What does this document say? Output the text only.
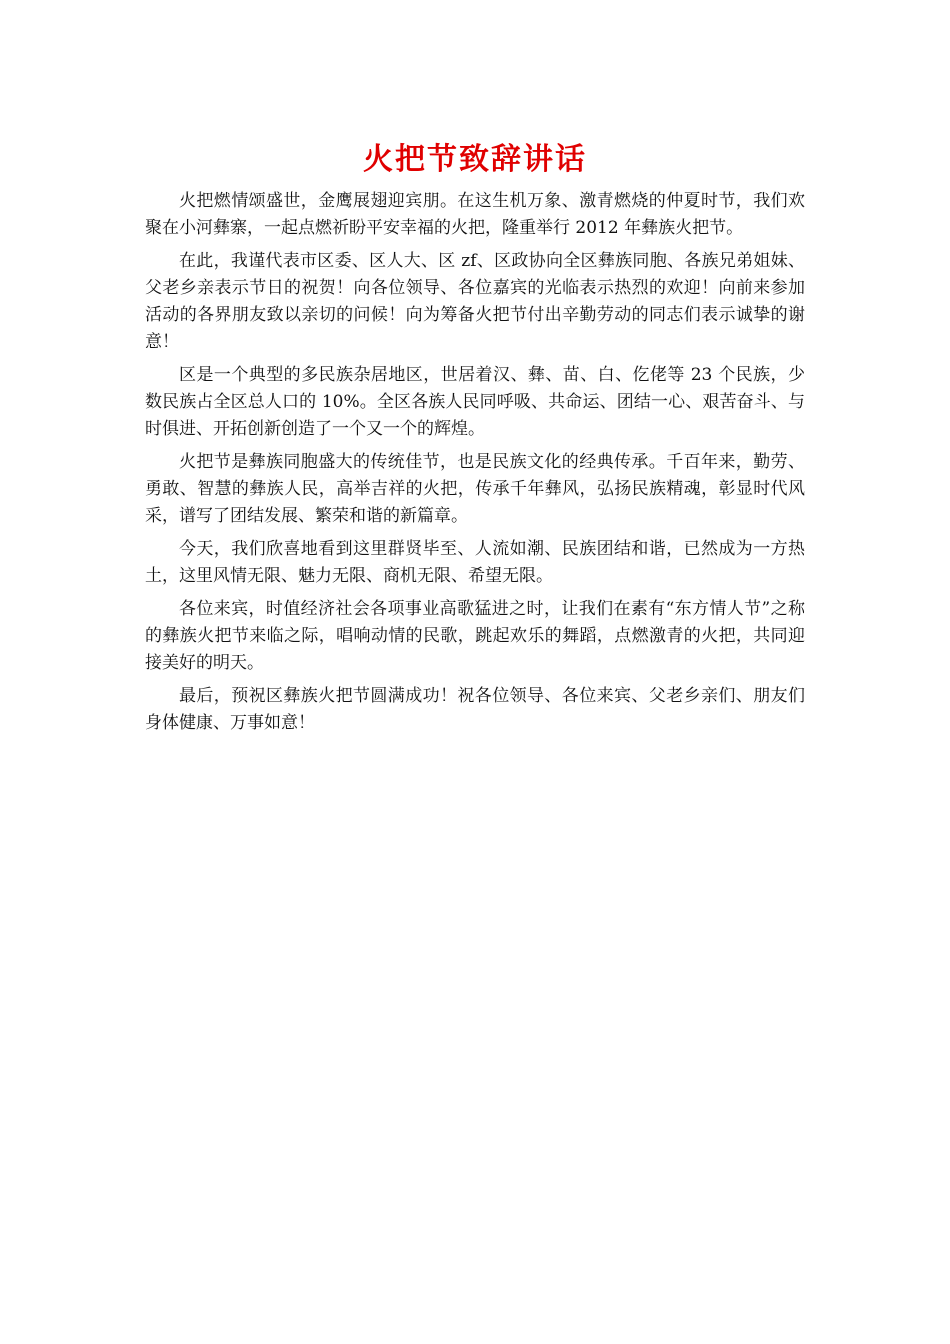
火把节致辞讲话

火把燃情颂盛世，金鹰展翅迎宾朋。在这生机万象、激青燃烧的仲夏时节，我们欢聚在小河彝寨，一起点燃祈盼平安幸福的火把，隆重举行 2012 年彝族火把节。

在此，我谨代表市区委、区人大、区 zf、区政协向全区彝族同胞、各族兄弟姐妹、父老乡亲表示节日的祝贺！向各位领导、各位嘉宾的光临表示热烈的欢迎！向前来参加活动的各界朋友致以亲切的问候！向为筹备火把节付出辛勤劳动的同志们表示诚挚的谢意！

区是一个典型的多民族杂居地区，世居着汉、彝、苗、白、仡佬等 23 个民族，少数民族占全区总人口的 10%。全区各族人民同呼吸、共命运、团结一心、艰苦奋斗、与时俱进、开拓创新创造了一个又一个的辉煌。

火把节是彝族同胞盛大的传统佳节，也是民族文化的经典传承。千百年来，勤劳、勇敢、智慧的彝族人民，高举吉祥的火把，传承千年彝风，弘扬民族精魂，彰显时代风采，谱写了团结发展、繁荣和谐的新篇章。

今天，我们欣喜地看到这里群贤毕至、人流如潮、民族团结和谐，已然成为一方热土，这里风情无限、魅力无限、商机无限、希望无限。

各位来宾，时值经济社会各项事业高歌猛进之时，让我们在素有“东方情人节”之称的彝族火把节来临之际，唱响动情的民歌，跳起欢乐的舞蹈，点燃激青的火把，共同迎接美好的明天。

最后，预祝区彝族火把节圆满成功！祝各位领导、各位来宾、父老乡亲们、朋友们身体健康、万事如意！
